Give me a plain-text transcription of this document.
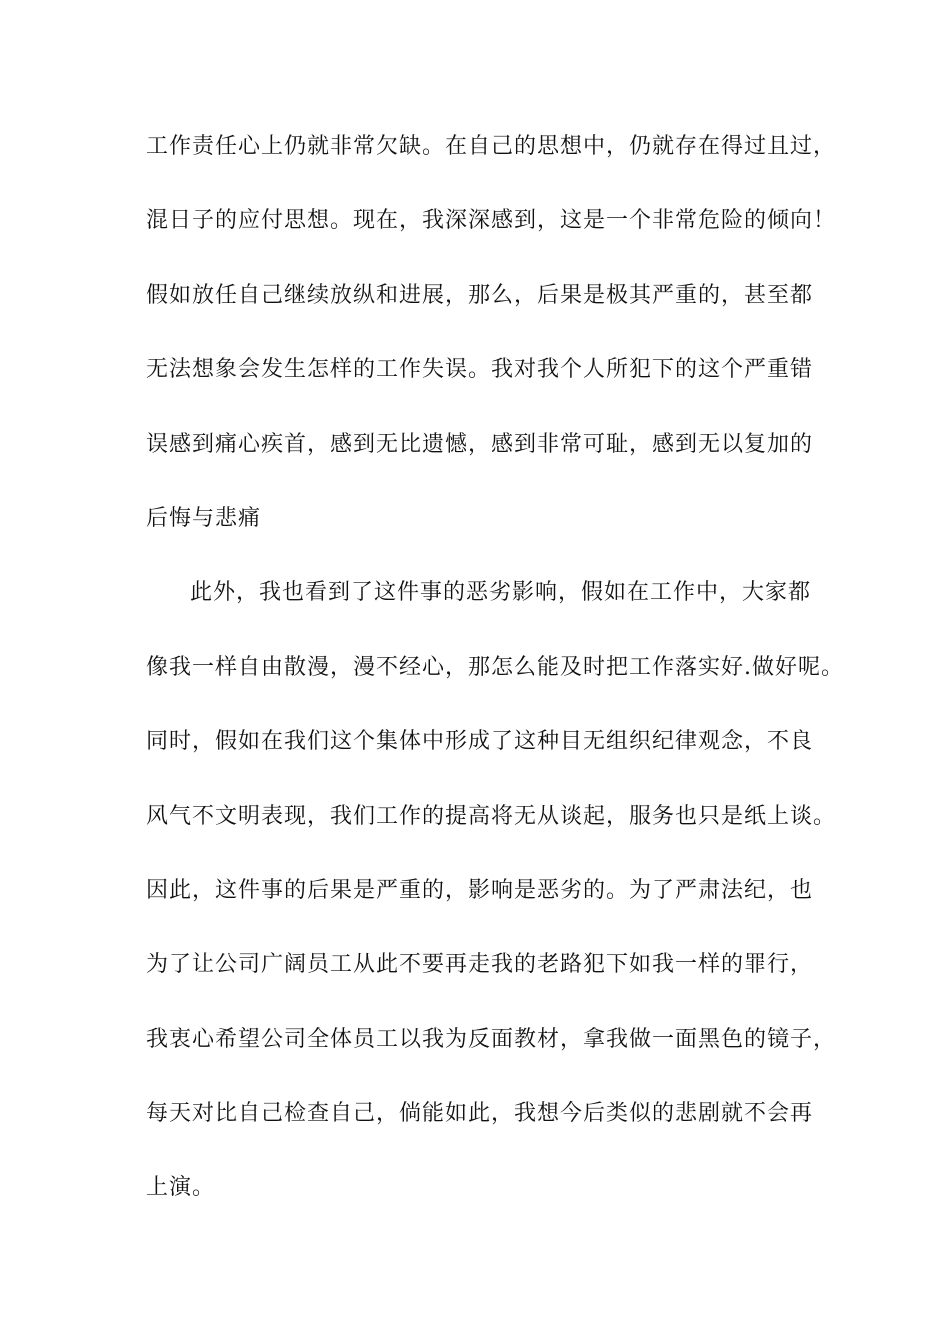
工作责任心上仍就非常欠缺。在自己的思想中，仍就存在得过且过，
混日子的应付思想。现在，我深深感到，这是一个非常危险的倾向！
假如放任自己继续放纵和进展，那么，后果是极其严重的，甚至都
无法想象会发生怎样的工作失误。我对我个人所犯下的这个严重错
误感到痛心疾首，感到无比遗憾，感到非常可耻，感到无以复加的
后悔与悲痛
此外，我也看到了这件事的恶劣影响，假如在工作中，大家都
像我一样自由散漫，漫不经心，那怎么能及时把工作落实好.做好呢。
同时，假如在我们这个集体中形成了这种目无组织纪律观念，不良
风气不文明表现，我们工作的提高将无从谈起，服务也只是纸上谈。
因此，这件事的后果是严重的，影响是恶劣的。为了严肃法纪，也
为了让公司广阔员工从此不要再走我的老路犯下如我一样的罪行，
我衷心希望公司全体员工以我为反面教材，拿我做一面黑色的镜子，
每天对比自己检查自己，倘能如此，我想今后类似的悲剧就不会再
上演。
